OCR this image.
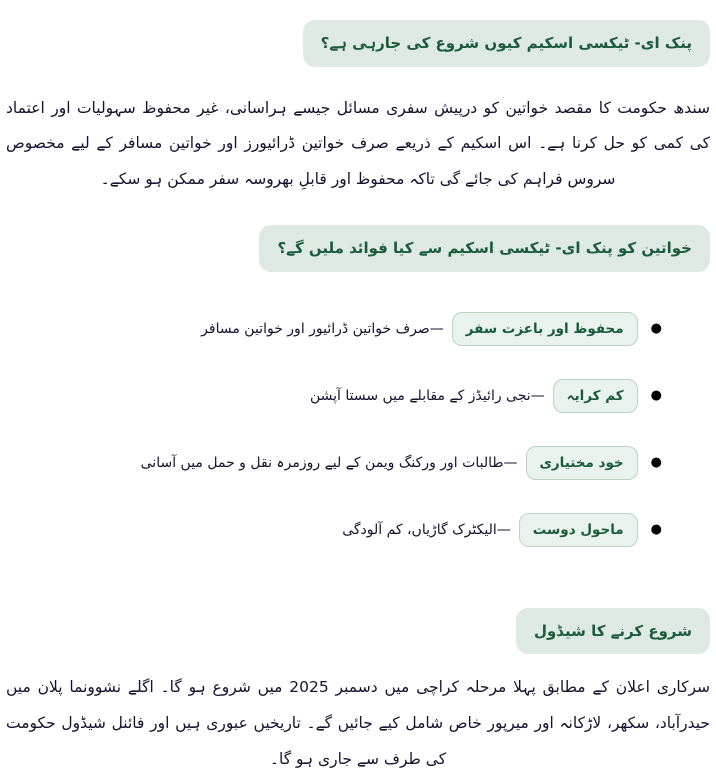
پنک ای- ٹیکسی اسکیم کیوں شروع کی جارہی ہے؟

سندھ حکومت کا مقصد خواتین کو درپیش سفری مسائل جیسے ہراسانی، غیر محفوظ سہولیات اور اعتماد کی کمی کو حل کرنا ہے۔ اس اسکیم کے ذریعے صرف خواتین ڈرائیورز اور خواتین مسافر کے لیے مخصوص سروس فراہم کی جائے گی تاکہ محفوظ اور قابلِ بھروسہ سفر ممکن ہو سکے۔

خواتین کو پنک ای- ٹیکسی اسکیم سے کیا فوائد ملیں گے؟
●
محفوظ اور باعزت سفر
—صرف خواتین ڈرائیور اور خواتین مسافر
●
کم کرایہ
—نجی رائیڈز کے مقابلے میں سستا آپشن
●
خود مختیاری
—طالبات اور ورکنگ ویمن کے لیے روزمرہ نقل و حمل میں آسانی
●
ماحول دوست
—الیکٹرک گاڑیاں، کم آلودگی
شروع کرنے کا شیڈول

سرکاری اعلان کے مطابق پہلا مرحلہ کراچی میں دسمبر 2025 میں شروع ہو گا۔ اگلے نشوونما پلان میں حیدرآباد، سکھر، لاڑکانہ اور میرپور خاص شامل کیے جائیں گے۔ تاریخیں عبوری ہیں اور فائنل شیڈول حکومت کی طرف سے جاری ہو گا۔
